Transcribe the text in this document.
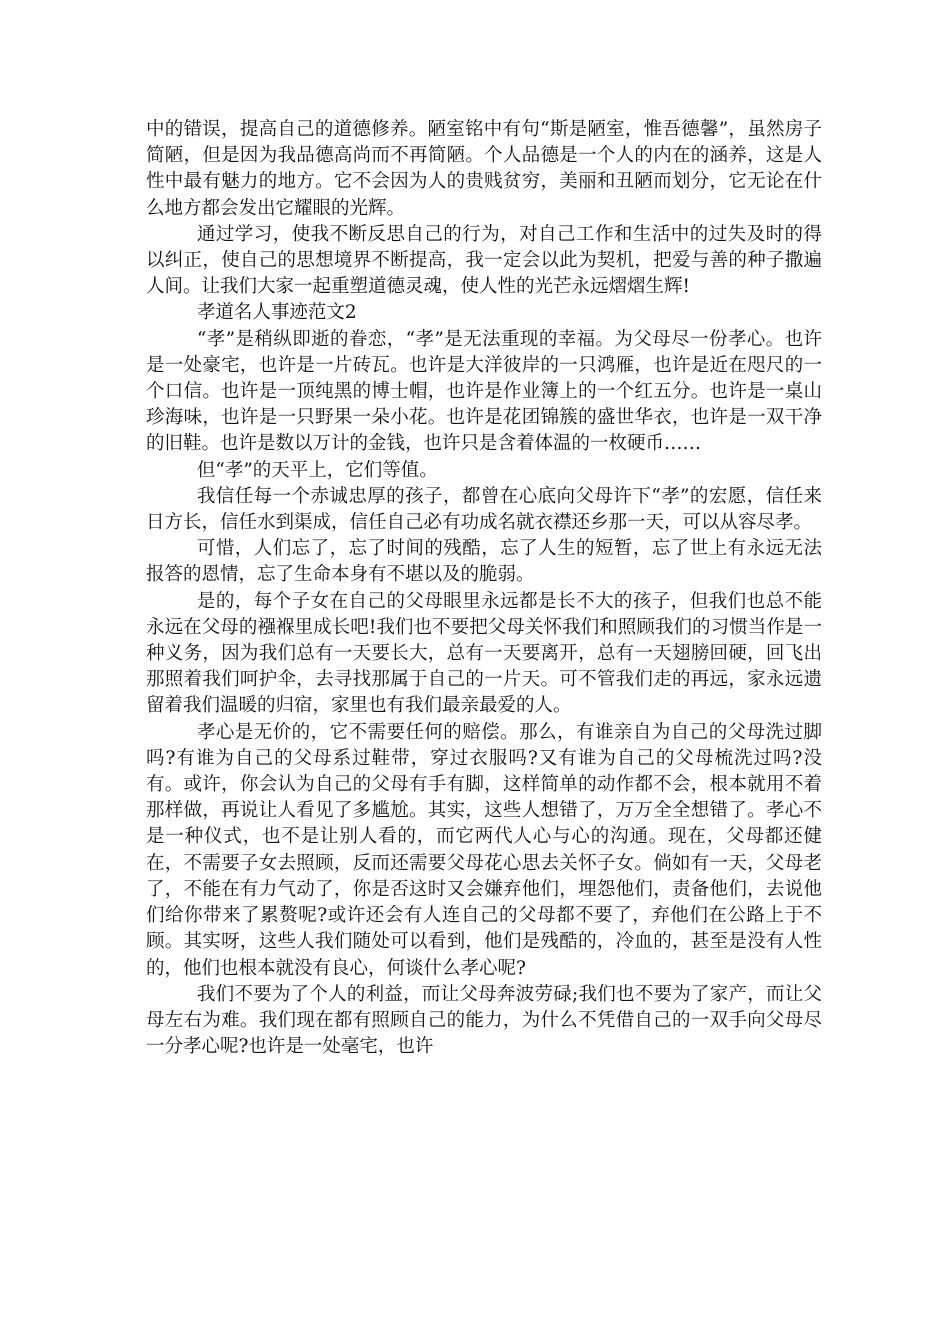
中的错误，提高自己的道德修养。陋室铭中有句“斯是陋室，惟吾德馨”，虽然房子简陋，但是因为我品德高尚而不再简陋。个人品德是一个人的内在的涵养，这是人性中最有魅力的地方。它不会因为人的贵贱贫穷，美丽和丑陋而划分，它无论在什么地方都会发出它耀眼的光辉。

通过学习，使我不断反思自己的行为，对自己工作和生活中的过失及时的得以纠正，使自己的思想境界不断提高，我一定会以此为契机，把爱与善的种子撒遍人间。让我们大家一起重塑道德灵魂，使人性的光芒永远熠熠生辉!

孝道名人事迹范文2

“孝”是稍纵即逝的眷恋，“孝”是无法重现的幸福。为父母尽一份孝心。也许是一处豪宅，也许是一片砖瓦。也许是大洋彼岸的一只鸿雁，也许是近在咫尺的一个口信。也许是一顶纯黑的博士帽，也许是作业簿上的一个红五分。也许是一桌山珍海味，也许是一只野果一朵小花。也许是花团锦簇的盛世华衣，也许是一双干净的旧鞋。也许是数以万计的金钱，也许只是含着体温的一枚硬币……

但“孝”的天平上，它们等值。

我信任每一个赤诚忠厚的孩子，都曾在心底向父母许下“孝”的宏愿，信任来日方长，信任水到渠成，信任自己必有功成名就衣襟还乡那一天，可以从容尽孝。

可惜，人们忘了，忘了时间的残酷，忘了人生的短暂，忘了世上有永远无法报答的恩情，忘了生命本身有不堪以及的脆弱。

是的，每个子女在自己的父母眼里永远都是长不大的孩子，但我们也总不能永远在父母的襁褓里成长吧!我们也不要把父母关怀我们和照顾我们的习惯当作是一种义务，因为我们总有一天要长大，总有一天要离开，总有一天翅膀回硬，回飞出那照着我们呵护伞，去寻找那属于自己的一片天。可不管我们走的再远，家永远遗留着我们温暖的归宿，家里也有我们最亲最爱的人。

孝心是无价的，它不需要任何的赔偿。那么，有谁亲自为自己的父母洗过脚吗?有谁为自己的父母系过鞋带，穿过衣服吗?又有谁为自己的父母梳洗过吗?没有。或许，你会认为自己的父母有手有脚，这样简单的动作都不会，根本就用不着那样做，再说让人看见了多尴尬。其实，这些人想错了，万万全全想错了。孝心不是一种仪式，也不是让别人看的，而它两代人心与心的沟通。现在，父母都还健在，不需要子女去照顾，反而还需要父母花心思去关怀子女。倘如有一天，父母老了，不能在有力气动了，你是否这时又会嫌弃他们，埋怨他们，责备他们，去说他们给你带来了累赘呢?或许还会有人连自己的父母都不要了，弃他们在公路上于不顾。其实呀，这些人我们随处可以看到，他们是残酷的，冷血的，甚至是没有人性的，他们也根本就没有良心，何谈什么孝心呢?

我们不要为了个人的利益，而让父母奔波劳碌;我们也不要为了家产，而让父母左右为难。我们现在都有照顾自己的能力，为什么不凭借自己的一双手向父母尽一分孝心呢?也许是一处毫宅，也许
